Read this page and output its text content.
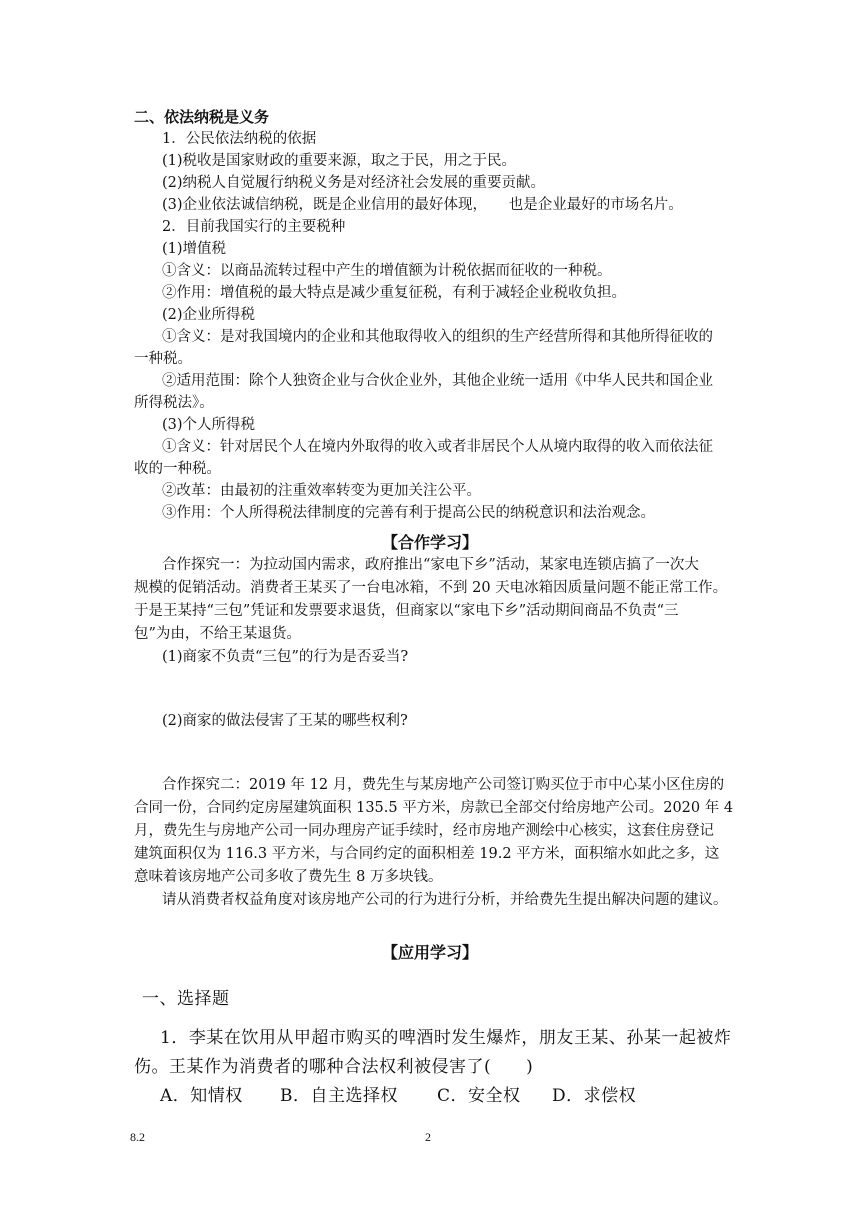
二、依法纳税是义务
1．公民依法纳税的依据
(1)税收是国家财政的重要来源，取之于民，用之于民。
(2)纳税人自觉履行纳税义务是对经济社会发展的重要贡献。
(3)企业依法诚信纳税，既是企业信用的最好体现，　　也是企业最好的市场名片。
2．目前我国实行的主要税种
(1)增值税
①含义：以商品流转过程中产生的增值额为计税依据而征收的一种税。
②作用：增值税的最大特点是减少重复征税，有利于减轻企业税收负担。
(2)企业所得税
①含义：是对我国境内的企业和其他取得收入的组织的生产经营所得和其他所得征收的
一种税。
②适用范围：除个人独资企业与合伙企业外，其他企业统一适用《中华人民共和国企业
所得税法》。
(3)个人所得税
①含义：针对居民个人在境内外取得的收入或者非居民个人从境内取得的收入而依法征
收的一种税。
②改革：由最初的注重效率转变为更加关注公平。
③作用：个人所得税法律制度的完善有利于提高公民的纳税意识和法治观念。
【合作学习】
合作探究一：为拉动国内需求，政府推出“家电下乡”活动，某家电连锁店搞了一次大
规模的促销活动。消费者王某买了一台电冰箱，不到 20 天电冰箱因质量问题不能正常工作。
于是王某持“三包”凭证和发票要求退货，但商家以“家电下乡”活动期间商品不负责“三
包”为由，不给王某退货。
(1)商家不负责“三包”的行为是否妥当?
(2)商家的做法侵害了王某的哪些权利?
合作探究二：2019 年 12 月，费先生与某房地产公司签订购买位于市中心某小区住房的
合同一份，合同约定房屋建筑面积 135.5 平方米，房款已全部交付给房地产公司。2020 年 4
月，费先生与房地产公司一同办理房产证手续时，经市房地产测绘中心核实，这套住房登记
建筑面积仅为 116.3 平方米，与合同约定的面积相差 19.2 平方米，面积缩水如此之多，这
意味着该房地产公司多收了费先生 8 万多块钱。
请从消费者权益角度对该房地产公司的行为进行分析，并给费先生提出解决问题的建议。
【应用学习】
一、选择题
1．李某在饮用从甲超市购买的啤酒时发生爆炸，朋友王某、孙某一起被炸
伤。王某作为消费者的哪种合法权利被侵害了(　　)
A．知情权 B．自主选择权 C．安全权 D．求偿权
8.2	2
